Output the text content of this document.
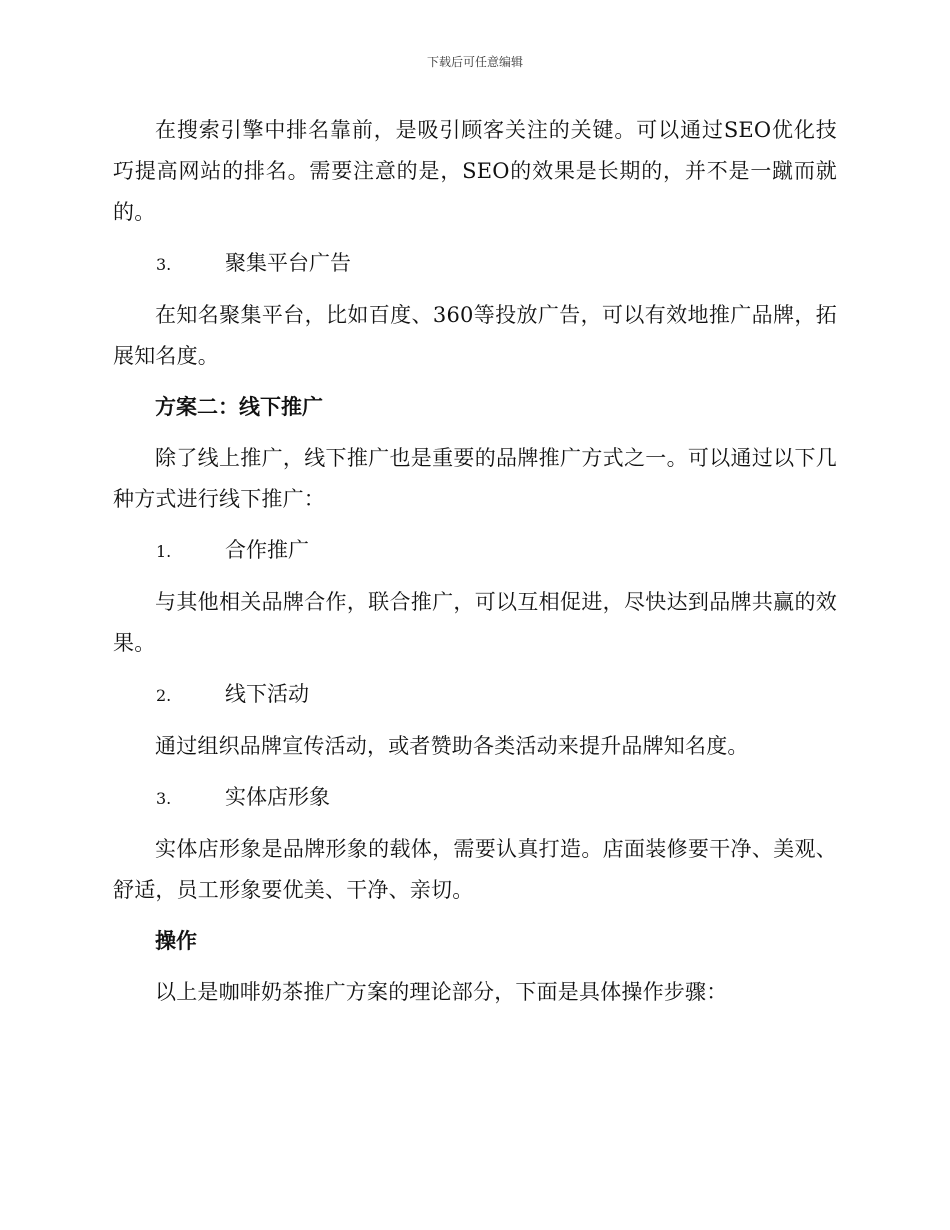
下载后可任意编辑

在搜索引擎中排名靠前，是吸引顾客关注的关键。可以通过SEO优化技巧提高网站的排名。需要注意的是，SEO的效果是长期的，并不是一蹴而就的。

3.	聚集平台广告

在知名聚集平台，比如百度、360等投放广告，可以有效地推广品牌，拓展知名度。

方案二：线下推广

除了线上推广，线下推广也是重要的品牌推广方式之一。可以通过以下几种方式进行线下推广：

1.	合作推广

与其他相关品牌合作，联合推广，可以互相促进，尽快达到品牌共赢的效果。

2.	线下活动

通过组织品牌宣传活动，或者赞助各类活动来提升品牌知名度。

3.	实体店形象

实体店形象是品牌形象的载体，需要认真打造。店面装修要干净、美观、舒适，员工形象要优美、干净、亲切。

操作

以上是咖啡奶茶推广方案的理论部分，下面是具体操作步骤：
